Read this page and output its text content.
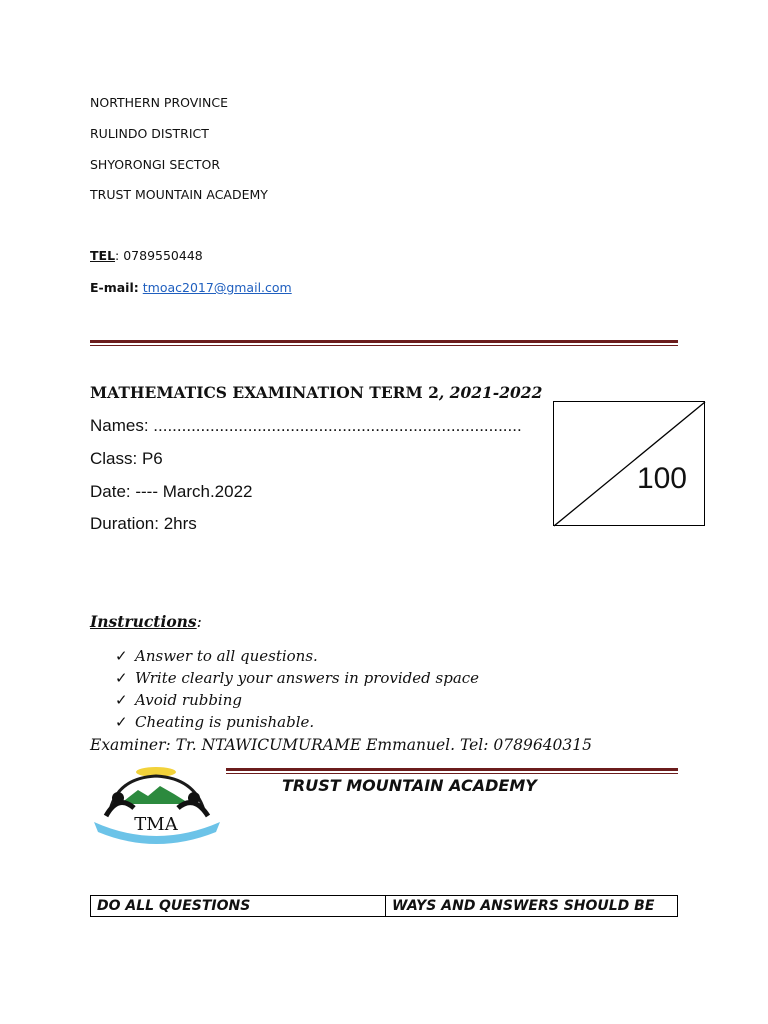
NORTHERN PROVINCE
RULINDO DISTRICT
SHYORONGI SECTOR
TRUST MOUNTAIN ACADEMY
TEL: 0789550448
E-mail: tmoac2017@gmail.com
MATHEMATICS EXAMINATION TERM 2, 2021-2022
Names: ..............................................................................
Class: P6
Date: ---- March.2022
Duration: 2hrs
100
Instructions:
✓ Answer to all questions.
✓ Write clearly your answers in provided space
✓ Avoid rubbing
✓ Cheating is punishable.
Examiner: Tr. NTAWICUMURAME Emmanuel. Tel: 0789640315
TMA
TRUST MOUNTAIN ACADEMY
DO ALL QUESTIONS	WAYS AND ANSWERS SHOULD BE
